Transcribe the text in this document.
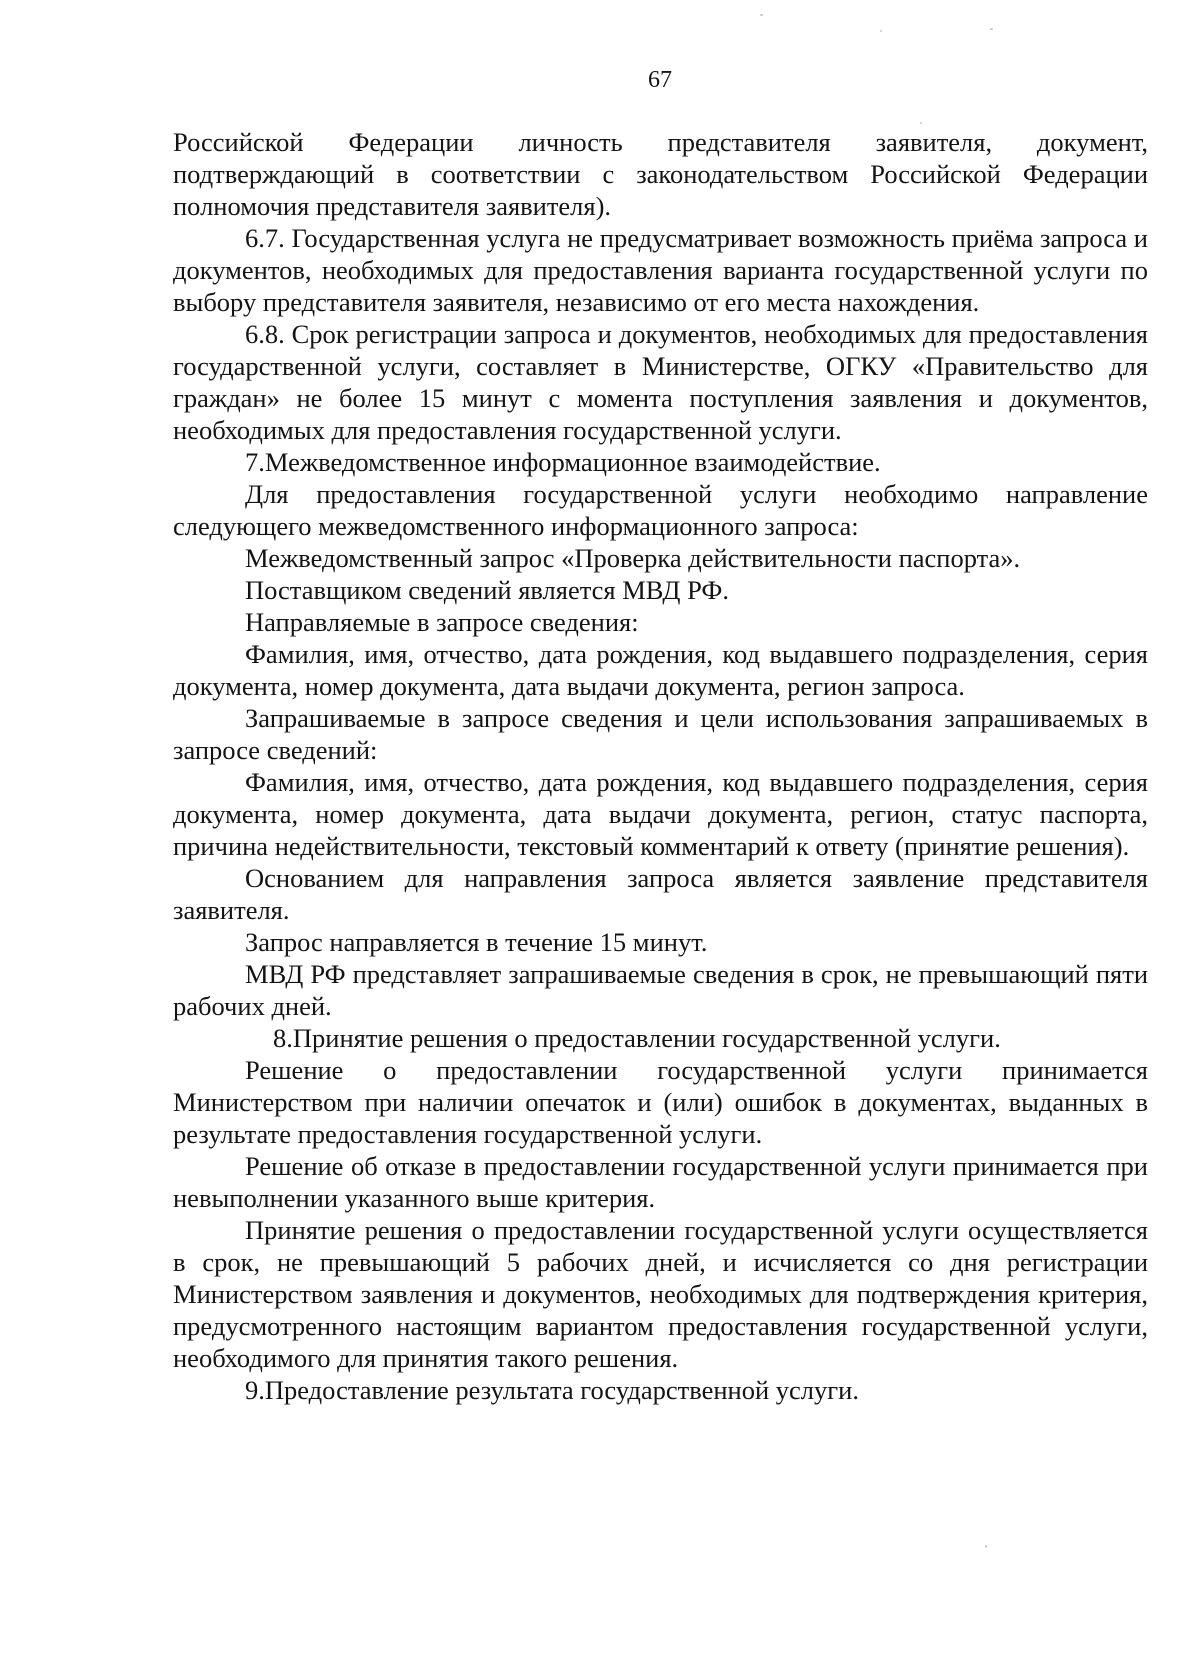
67

Российской Федерации личность представителя заявителя, документ, подтверждающий в соответствии с законодательством Российской Федерации полномочия представителя заявителя).

6.7. Государственная услуга не предусматривает возможность приёма запроса и документов, необходимых для предоставления варианта государственной услуги по выбору представителя заявителя, независимо от его места нахождения.

6.8. Срок регистрации запроса и документов, необходимых для предоставления государственной услуги, составляет в Министерстве, ОГКУ «Правительство для граждан» не более 15 минут с момента поступления заявления и документов, необходимых для предоставления государственной услуги.

7.Межведомственное информационное взаимодействие.

Для предоставления государственной услуги необходимо направление следующего межведомственного информационного запроса:

Межведомственный запрос «Проверка действительности паспорта».

Поставщиком сведений является МВД РФ.

Направляемые в запросе сведения:

Фамилия, имя, отчество, дата рождения, код выдавшего подразделения, серия документа, номер документа, дата выдачи документа, регион запроса.

Запрашиваемые в запросе сведения и цели использования запрашиваемых в запросе сведений:

Фамилия, имя, отчество, дата рождения, код выдавшего подразделения, серия документа, номер документа, дата выдачи документа, регион, статус паспорта, причина недействительности, текстовый комментарий к ответу (принятие решения).

Основанием для направления запроса является заявление представителя заявителя.

Запрос направляется в течение 15 минут.

МВД РФ представляет запрашиваемые сведения в срок, не превышающий пяти рабочих дней.

8.Принятие решения о предоставлении государственной услуги.

Решение о предоставлении государственной услуги принимается Министерством при наличии опечаток и (или) ошибок в документах, выданных в результате предоставления государственной услуги.

Решение об отказе в предоставлении государственной услуги принимается при невыполнении указанного выше критерия.

Принятие решения о предоставлении государственной услуги осуществляется в срок, не превышающий 5 рабочих дней, и исчисляется со дня регистрации Министерством заявления и документов, необходимых для подтверждения критерия, предусмотренного настоящим вариантом предоставления государственной услуги, необходимого для принятия такого решения.

9.Предоставление результата государственной услуги.
